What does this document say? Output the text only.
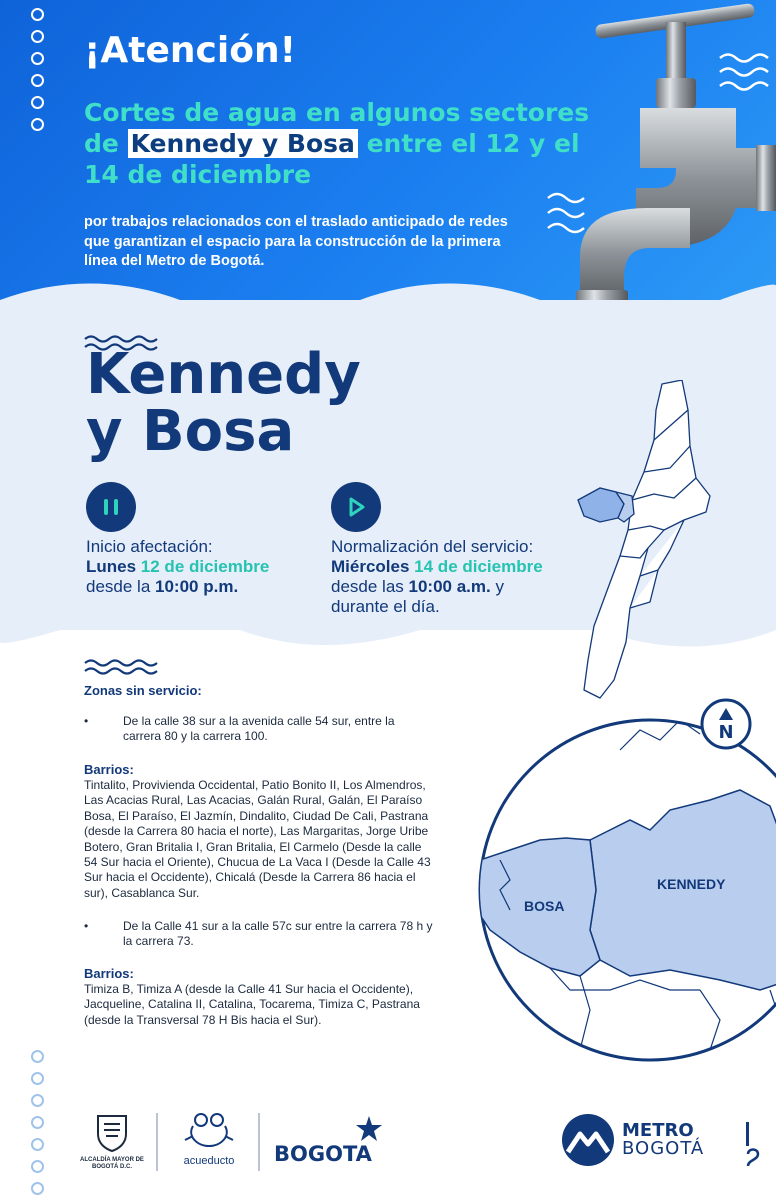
¡Atención!
Cortes de agua en algunos sectores de Kennedy y Bosa entre el 12 y el 14 de diciembre
por trabajos relacionados con el traslado anticipado de redes que garantizan el espacio para la construcción de la primera línea del Metro de Bogotá.
Kennedy
y Bosa
Inicio afectación:
Lunes 12 de diciembre
desde la 10:00 p.m.
Normalización del servicio:
Miércoles 14 de diciembre
desde las 10:00 a.m. y durante el día.
Zonas sin servicio:
•	De la calle 38 sur a la avenida calle 54 sur, entre la carrera 80 y la carrera 100.
Barrios:
Tintalito, Provivienda Occidental, Patio Bonito II, Los Almendros, Las Acacias Rural, Las Acacias, Galán Rural, Galán, El Paraíso Bosa, El Paraíso, El Jazmín, Dindalito, Ciudad De Cali, Pastrana (desde la Carrera 80 hacia el norte), Las Margaritas, Jorge Uribe Botero, Gran Britalia I, Gran Britalia, El Carmelo (Desde la calle 54 Sur hacia el Oriente), Chucua de La Vaca I (Desde la Calle 43 Sur hacia el Occidente), Chicalá (Desde la Carrera 86 hacia el sur), Casablanca Sur.
•	De la Calle 41 sur a la calle 57c sur entre la carrera 78 h y la carrera 73.
Barrios:
Timiza B, Timiza A (desde la Calle 41 Sur hacia el Occidente), Jacqueline, Catalina II, Catalina, Tocarema, Timiza C, Pastrana (desde la Transversal 78 H Bis hacia el Sur).
N
BOSA
KENNEDY
ALCALDÍA MAYOR DE BOGOTÁ D.C.	acueducto	BOGOTA
METRO
BOGOTÁ
